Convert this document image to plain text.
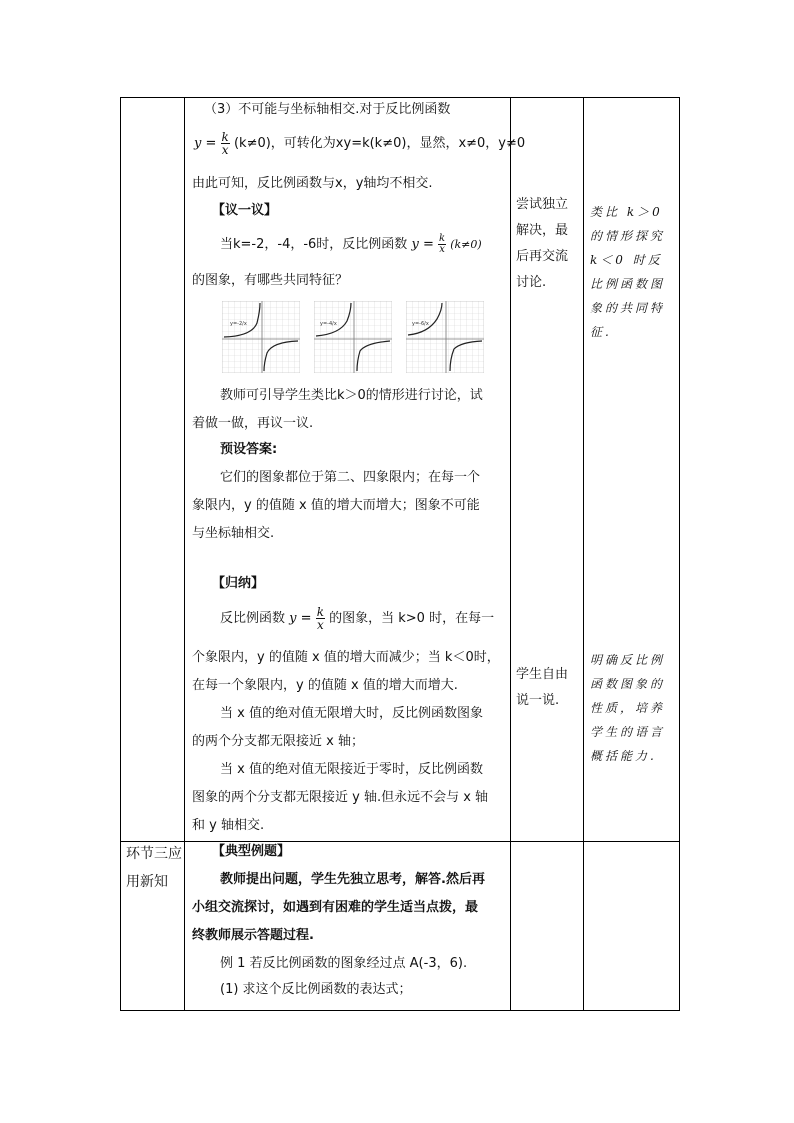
（3）不可能与坐标轴相交.对于反比例函数
$y = \frac{k}{x} (k\ne 0)$，可转化为xy=k(k≠0)，显然，x≠0，y≠0
由此可知，反比例函数与x，y轴均不相交.
【议一议】
当k=-2，-4，-6时，反比例函数 $y = \frac{k}{x} (k\ne 0)$
的图象，有哪些共同特征？
y=-2/x	y=-4/x	y=-6/x
教师可引导学生类比k＞0的情形进行讨论，试
着做一做，再议一议.
预设答案:
它们的图象都位于第二、四象限内；在每一个
象限内，y 的值随 x 值的增大而增大；图象不可能
与坐标轴相交.
【归纳】
反比例函数 $y = \frac{k}{x}$ 的图象，当 k>0 时，在每一
个象限内，y 的值随 x 值的增大而减少；当 k＜0时，
在每一个象限内，y 的值随 x 值的增大而增大.
当 x 值的绝对值无限增大时，反比例函数图象
的两个分支都无限接近 x 轴；
当 x 值的绝对值无限接近于零时，反比例函数
图象的两个分支都无限接近 y 轴.但永远不会与 x 轴
和 y 轴相交.
【典型例题】
教师提出问题，学生先独立思考，解答.然后再
小组交流探讨，如遇到有困难的学生适当点拨，最
终教师展示答题过程.
例 1 若反比例函数的图象经过点 A(-3，6).
(1) 求这个反比例函数的表达式；
环节三应用新知
尝试独立解决，最后再交流讨论.
学生自由说一说.
类比 k＞0 的情形探究 k＜0 时反比例函数图象的共同特征.
明确反比例函数图象的性质，培养学生的语言概括能力.
